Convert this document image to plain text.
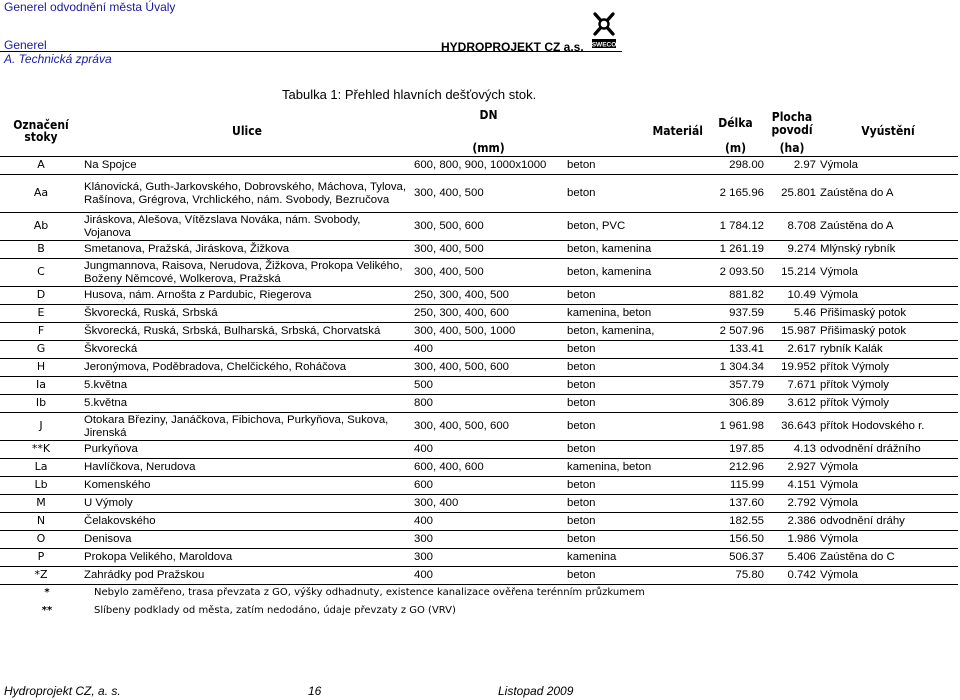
Generel odvodnění města Úvaly
Generel
A. Technická zpráva
HYDROPROJEKT CZ a.s. SWECO
Tabulka 1: Přehled hlavních dešťových stok.
Označení stoky	Ulice	DN	Materiál	Délka	Plocha povodí	Vyústění
		(mm)		(m)	(ha)	
A	Na Spojce	600, 800, 900, 1000x1000	beton	298.00	2.97	Výmola
Aa	Klánovická, Guth-Jarkovského, Dobrovského, Máchova, Tylova, Rašínova, Grégrova, Vrchlického, nám. Svobody, Bezručova	300, 400, 500	beton	2 165.96	25.801	Zaústěna do A
Ab	Jiráskova, Alešova, Vítězslava Nováka, nám. Svobody, Vojanova	300, 500, 600	beton, PVC	1 784.12	8.708	Zaústěna do A
B	Smetanova, Pražská, Jiráskova, Žižkova	300, 400, 500	beton, kamenina	1 261.19	9.274	Mlýnský rybník
C	Jungmannova, Raisova, Nerudova, Žižkova, Prokopa Velikého, Boženy Němcové, Wolkerova, Pražská	300, 400, 500	beton, kamenina	2 093.50	15.214	Výmola
D	Husova, nám. Arnošta z Pardubic, Riegerova	250, 300, 400, 500	beton	881.82	10.49	Výmola
E	Škvorecká, Ruská, Srbská	250, 300, 400, 600	kamenina, beton	937.59	5.46	Přišimaský potok
F	Škvorecká, Ruská, Srbská, Bulharská, Srbská, Chorvatská	300, 400, 500, 1000	beton, kamenina,	2 507.96	15.987	Přišimaský potok
G	Škvorecká	400	beton	133.41	2.617	rybník Kalák
H	Jeronýmova, Poděbradova, Chelčického, Roháčova	300, 400, 500, 600	beton	1 304.34	19.952	přítok Výmoly
Ia	5.května	500	beton	357.79	7.671	přítok Výmoly
Ib	5.května	800	beton	306.89	3.612	přítok Výmoly
J	Otokara Březiny, Janáčkova, Fibichova, Purkyňova, Sukova, Jirenská	300, 400, 500, 600	beton	1 961.98	36.643	přítok Hodovského r.
**K	Purkyňova	400	beton	197.85	4.13	odvodnění drážního
La	Havlíčkova, Nerudova	600, 400, 600	kamenina, beton	212.96	2.927	Výmola
Lb	Komenského	600	beton	115.99	4.151	Výmola
M	U Výmoly	300, 400	beton	137.60	2.792	Výmola
N	Čelakovského	400	beton	182.55	2.386	odvodnění dráhy
O	Denisova	300	beton	156.50	1.986	Výmola
P	Prokopa Velikého, Maroldova	300	kamenina	506.37	5.406	Zaústěna do C
*Z	Zahrádky pod Pražskou	400	beton	75.80	0.742	Výmola
*	Nebylo zaměřeno, trasa převzata z GO, výšky odhadnuty, existence kanalizace ověřena terénním průzkumem
**	Slíbeny podklady od města, zatím nedodáno, údaje převzaty z GO (VRV)
Hydroprojekt CZ, a. s.	16	Listopad 2009
